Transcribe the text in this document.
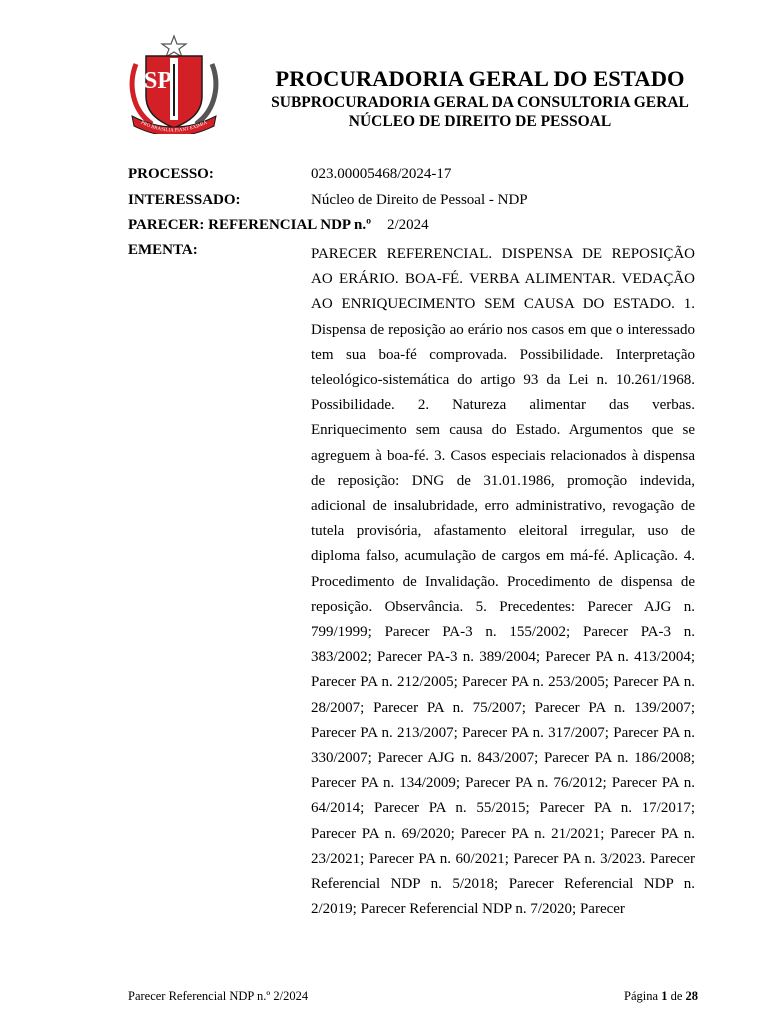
SP
PRO BRASILIA FIANT EXIMIA
PROCURADORIA GERAL DO ESTADO
SUBPROCURADORIA GERAL DA CONSULTORIA GERAL
NÚCLEO DE DIREITO DE PESSOAL
PROCESSO:	023.00005468/2024-17
INTERESSADO:	Núcleo de Direito de Pessoal - NDP
PARECER: REFERENCIAL NDP n.º 2/2024
EMENTA:	PARECER REFERENCIAL. DISPENSA DE REPOSIÇÃO AO ERÁRIO. BOA-FÉ. VERBA ALIMENTAR. VEDAÇÃO AO ENRIQUECIMENTO SEM CAUSA DO ESTADO. 1. Dispensa de reposição ao erário nos casos em que o interessado tem sua boa-fé comprovada. Possibilidade. Interpretação teleológico-sistemática do artigo 93 da Lei n. 10.261/1968. Possibilidade. 2. Natureza alimentar das verbas. Enriquecimento sem causa do Estado. Argumentos que se agreguem à boa-fé. 3. Casos especiais relacionados à dispensa de reposição: DNG de 31.01.1986, promoção indevida, adicional de insalubridade, erro administrativo, revogação de tutela provisória, afastamento eleitoral irregular, uso de diploma falso, acumulação de cargos em má-fé. Aplicação. 4. Procedimento de Invalidação. Procedimento de dispensa de reposição. Observância. 5. Precedentes: Parecer AJG n. 799/1999; Parecer PA-3 n. 155/2002; Parecer PA-3 n. 383/2002; Parecer PA-3 n. 389/2004; Parecer PA n. 413/2004; Parecer PA n. 212/2005; Parecer PA n. 253/2005; Parecer PA n. 28/2007; Parecer PA n. 75/2007; Parecer PA n. 139/2007; Parecer PA n. 213/2007; Parecer PA n. 317/2007; Parecer PA n. 330/2007; Parecer AJG n. 843/2007; Parecer PA n. 186/2008; Parecer PA n. 134/2009; Parecer PA n. 76/2012; Parecer PA n. 64/2014; Parecer PA n. 55/2015; Parecer PA n. 17/2017; Parecer PA n. 69/2020; Parecer PA n. 21/2021; Parecer PA n. 23/2021; Parecer PA n. 60/2021; Parecer PA n. 3/2023. Parecer Referencial NDP n. 5/2018; Parecer Referencial NDP n. 2/2019; Parecer Referencial NDP n. 7/2020; Parecer

Parecer Referencial NDP n.º 2/2024	Página 1 de 28
